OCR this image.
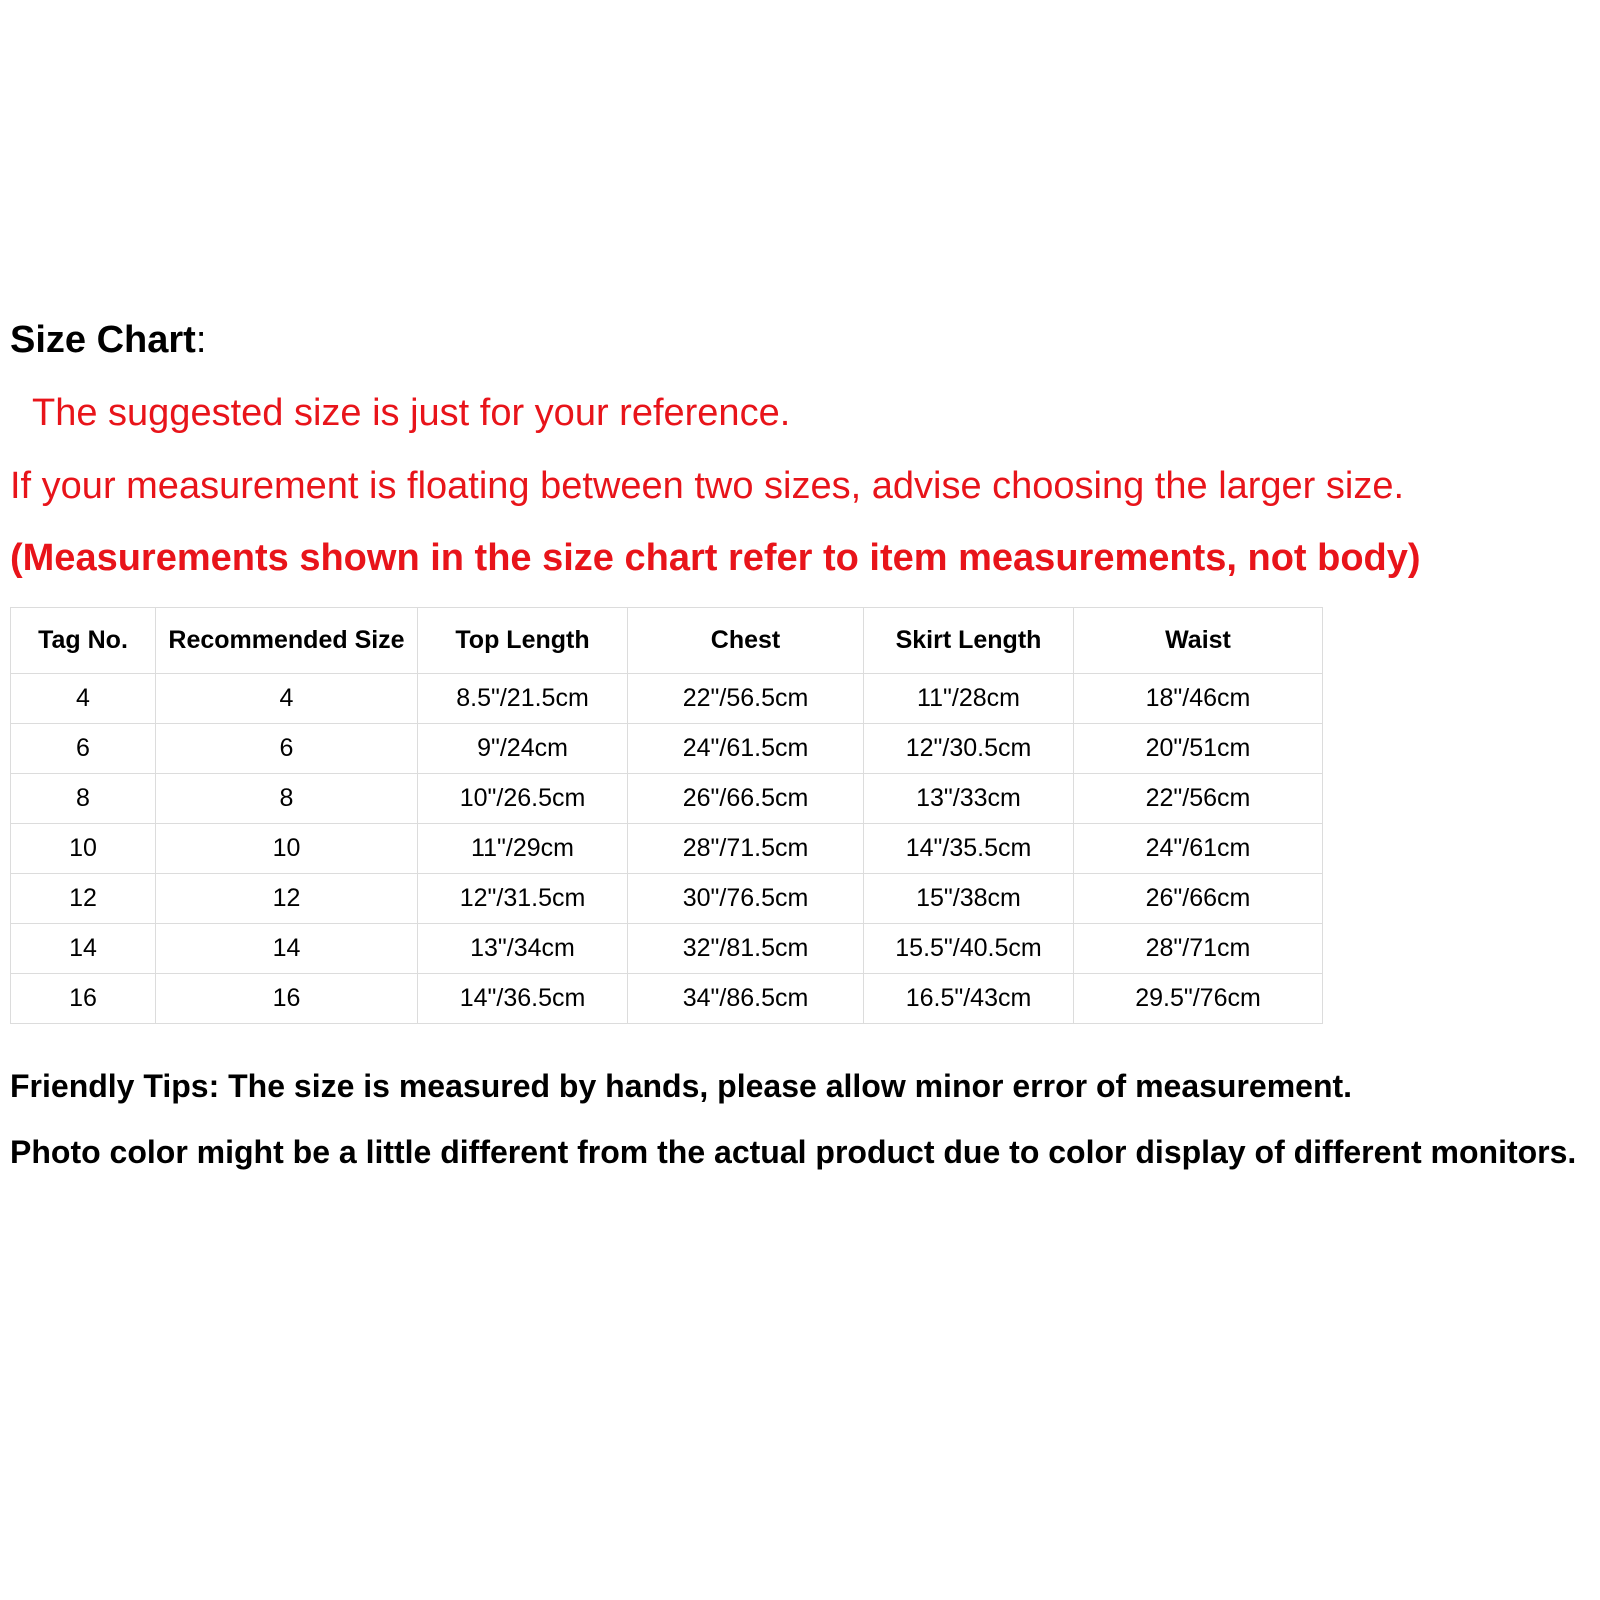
Size Chart:
The suggested size is just for your reference.
If your measurement is floating between two sizes, advise choosing the larger size.
(Measurements shown in the size chart refer to item measurements, not body)
Tag No.	Recommended Size	Top Length	Chest	Skirt Length	Waist
4	4	8.5"/21.5cm	22"/56.5cm	11"/28cm	18"/46cm
6	6	9"/24cm	24"/61.5cm	12"/30.5cm	20"/51cm
8	8	10"/26.5cm	26"/66.5cm	13"/33cm	22"/56cm
10	10	11"/29cm	28"/71.5cm	14"/35.5cm	24"/61cm
12	12	12"/31.5cm	30"/76.5cm	15"/38cm	26"/66cm
14	14	13"/34cm	32"/81.5cm	15.5"/40.5cm	28"/71cm
16	16	14"/36.5cm	34"/86.5cm	16.5"/43cm	29.5"/76cm
Friendly Tips: The size is measured by hands, please allow minor error of measurement.
Photo color might be a little different from the actual product due to color display of different monitors.
